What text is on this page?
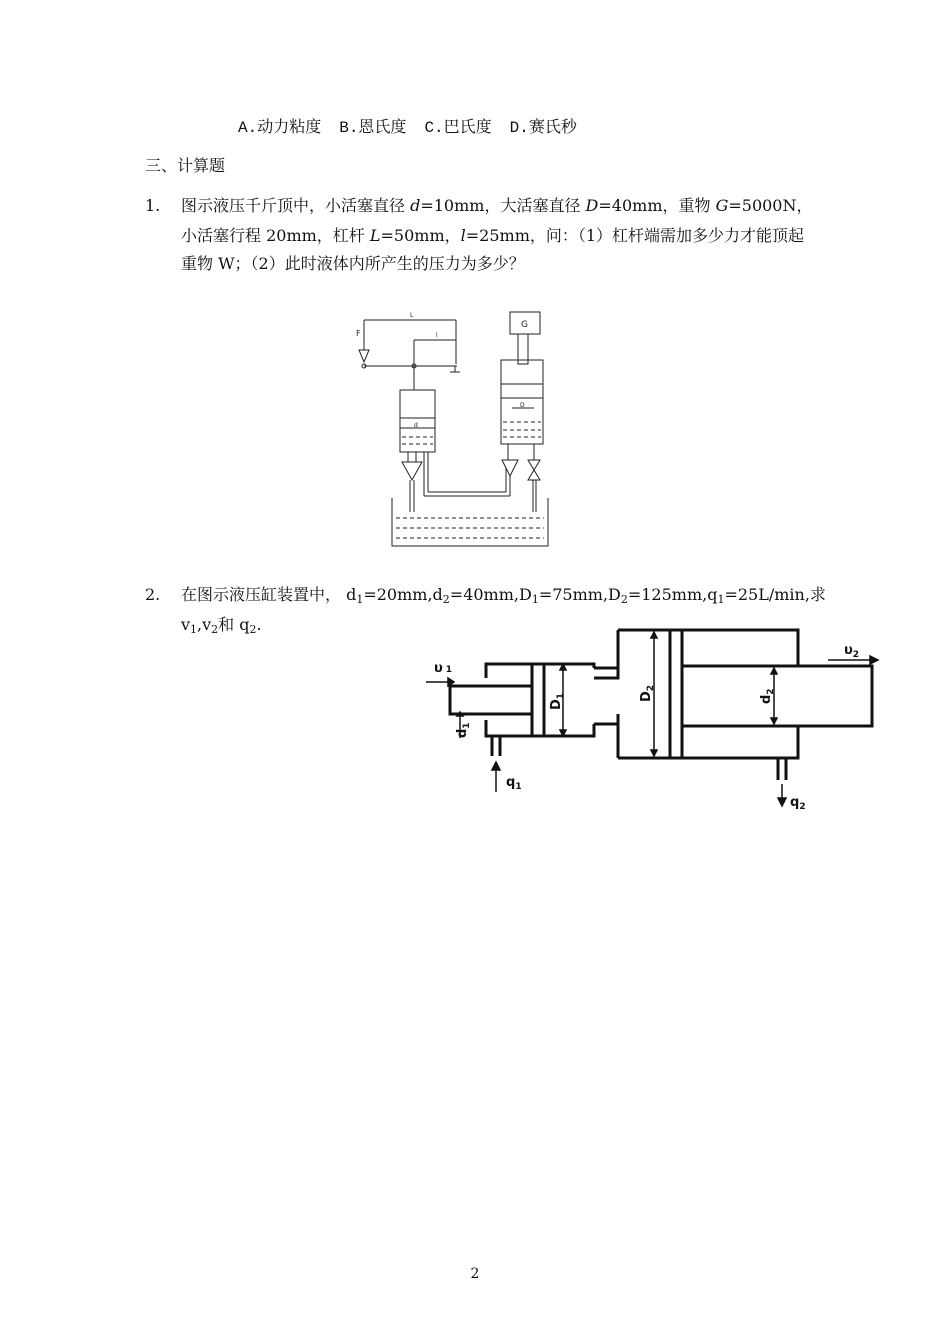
A.动力粘度 B.恩氏度 C.巴氏度 D.赛氏秒
三、计算题
1. 图示液压千斤顶中，小活塞直径 d=10mm，大活塞直径 D=40mm，重物 G=5000N，
小活塞行程 20mm，杠杆 L=50mm，l=25mm，问：（1）杠杆端需加多少力才能顶起
重物 W；（2）此时液体内所产生的压力为多少？
F
L
l
G
D
d
2. 在图示液压缸装置中， $d_1=20mm,d_2=40mm,D_1=75mm,D_2=125mm,q_1=25L/\min$,求
$v_1,v_2$和 $q_2$.
υ 1
$\upsilon_2$
$q_1$
$q_2$
$d_1$
$D_1$	$D_2$
$d_2$
2
